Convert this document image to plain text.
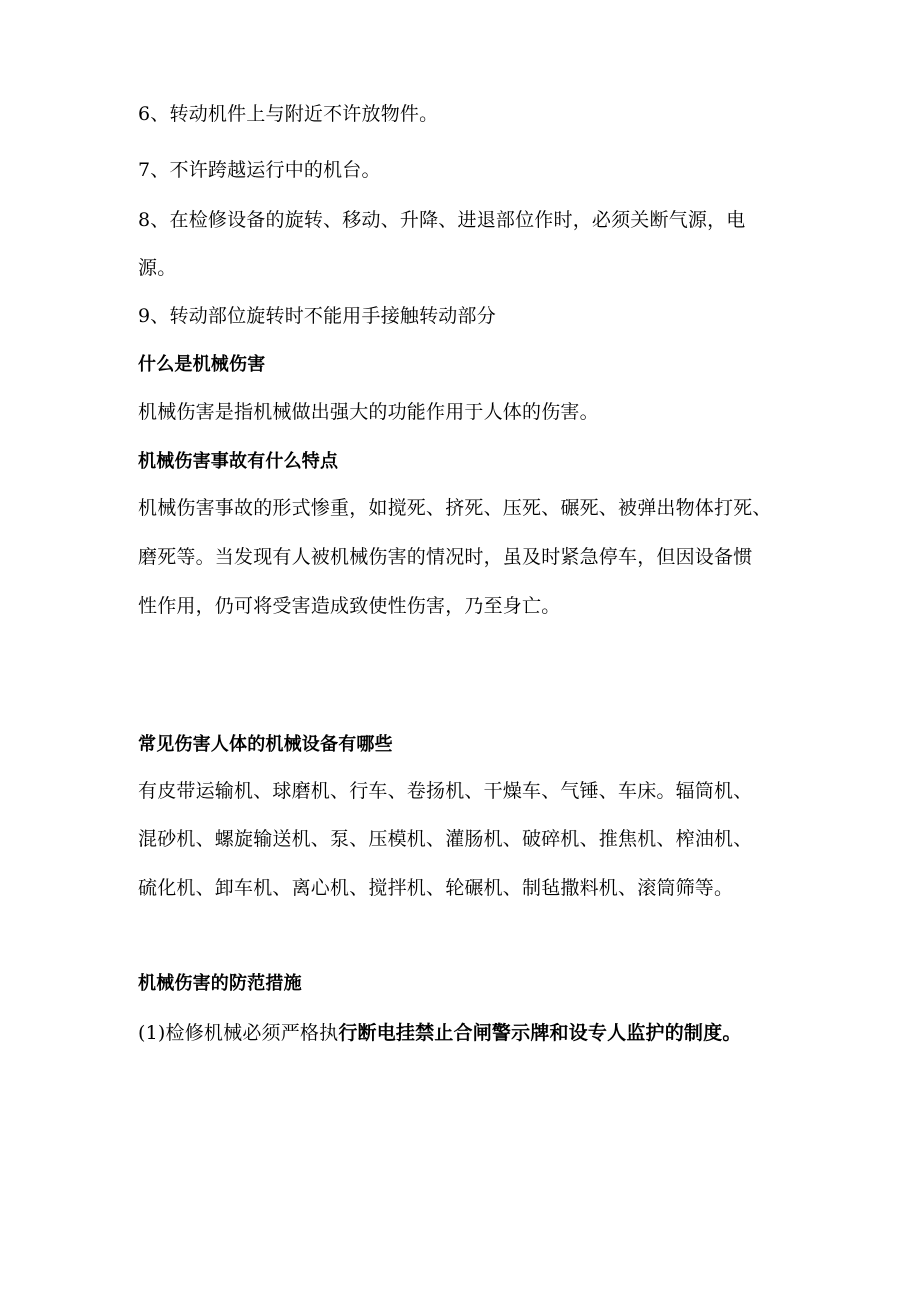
6、转动机件上与附近不许放物件。
7、不许跨越运行中的机台。
8、在检修设备的旋转、移动、升降、进退部位作时，必须关断气源，电
源。
9、转动部位旋转时不能用手接触转动部分
什么是机械伤害
机械伤害是指机械做出强大的功能作用于人体的伤害。
机械伤害事故有什么特点
机械伤害事故的形式惨重，如搅死、挤死、压死、碾死、被弹出物体打死、
磨死等。当发现有人被机械伤害的情况时，虽及时紧急停车，但因设备惯
性作用，仍可将受害造成致使性伤害，乃至身亡。
常见伤害人体的机械设备有哪些
有皮带运输机、球磨机、行车、卷扬机、干燥车、气锤、车床。辐筒机、
混砂机、螺旋输送机、泵、压模机、灌肠机、破碎机、推焦机、榨油机、
硫化机、卸车机、离心机、搅拌机、轮碾机、制毡撒料机、滚筒筛等。
机械伤害的防范措施
(1)检修机械必须严格执行断电挂禁止合闸警示牌和设专人监护的制度。
